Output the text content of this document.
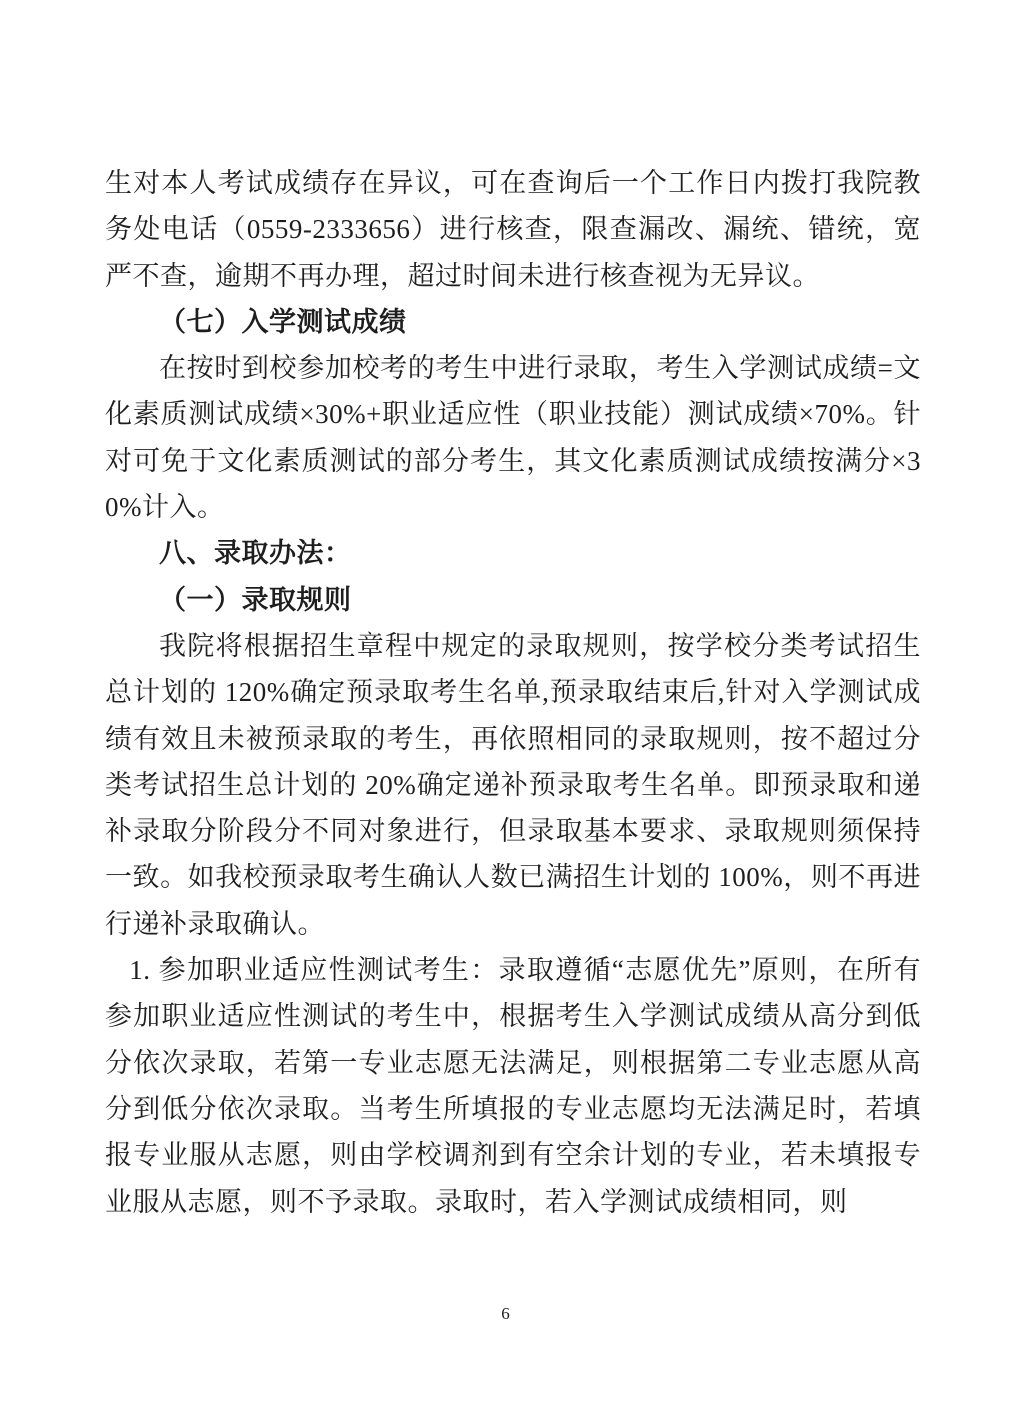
生对本人考试成绩存在异议，可在查询后一个工作日内拨打我院教务处电话（0559-2333656）进行核查，限查漏改、漏统、错统，宽严不查，逾期不再办理，超过时间未进行核查视为无异议。

（七）入学测试成绩

在按时到校参加校考的考生中进行录取，考生入学测试成绩=文化素质测试成绩×30%+职业适应性（职业技能）测试成绩×70%。针对可免于文化素质测试的部分考生，其文化素质测试成绩按满分×30%计入。

八、录取办法：

（一）录取规则

我院将根据招生章程中规定的录取规则，按学校分类考试招生总计划的 120%确定预录取考生名单,预录取结束后,针对入学测试成绩有效且未被预录取的考生，再依照相同的录取规则，按不超过分类考试招生总计划的 20%确定递补预录取考生名单。即预录取和递补录取分阶段分不同对象进行，但录取基本要求、录取规则须保持一致。如我校预录取考生确认人数已满招生计划的 100%，则不再进行递补录取确认。

1. 参加职业适应性测试考生：录取遵循“志愿优先”原则，在所有参加职业适应性测试的考生中，根据考生入学测试成绩从高分到低分依次录取，若第一专业志愿无法满足，则根据第二专业志愿从高分到低分依次录取。当考生所填报的专业志愿均无法满足时，若填报专业服从志愿，则由学校调剂到有空余计划的专业，若未填报专业服从志愿，则不予录取。录取时，若入学测试成绩相同，则

6
